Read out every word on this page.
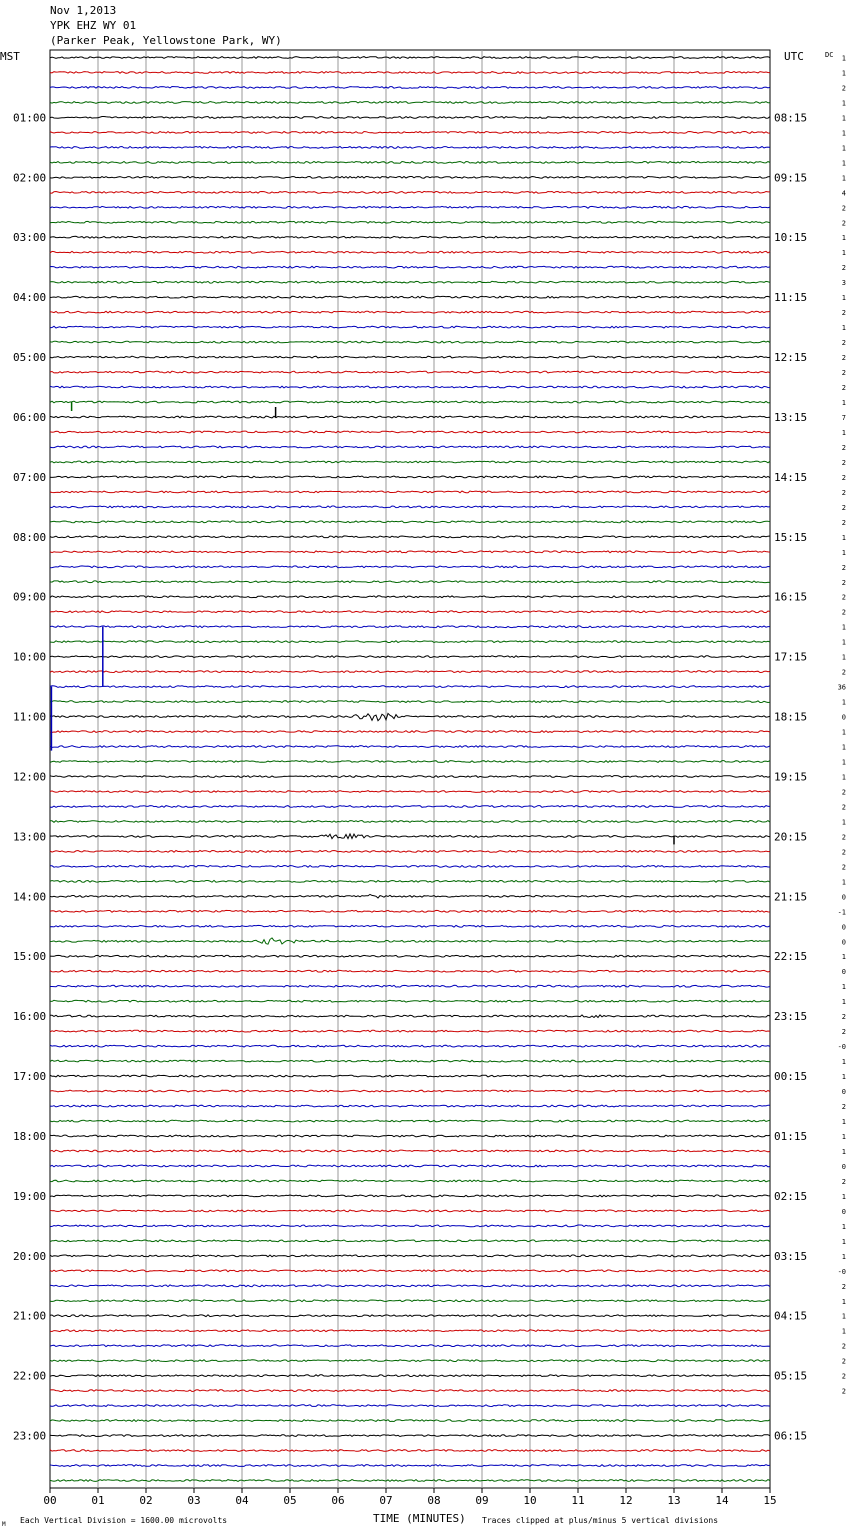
Nov 1,2013
YPK EHZ WY 01
(Parker Peak, Yellowstone Park, WY)
00	01	02	03	04	05	06	07	08	09	10	11	12	13	14	15
MST	UTC	DC
01:00
02:00
03:00
04:00
05:00
06:00
07:00
08:00
09:00
10:00
11:00
12:00
13:00
14:00
15:00
16:00
17:00
18:00
19:00
20:00
21:00
22:00
23:00
08:15
09:15
10:15
11:15
12:15
13:15
14:15
15:15
16:15
17:15
18:15
19:15
20:15
21:15
22:15
23:15
00:15
01:15
02:15
03:15
04:15
05:15
06:15
1
1
2
1
1
1
1
1
1
4
2
2
1
1
2
3
1
2
1
2
2
2
2
1
7
1
2
2
2
2
2
2
1
1
2
2
2
2
1
1
1
2
36
1
0
1
1
1
1
2
2
1
2
2
2
1
0
-1
0
0
1
0
1
1
2
2
-0
1
1
0
2
1
1
1
0
2
1
0
1
1
1
-0
2
1
1
1
2
2
2
2
Μ	TIME (MINUTES)
Each Vertical Division = 1600.00 microvolts	Traces clipped at plus/minus 5 vertical divisions
